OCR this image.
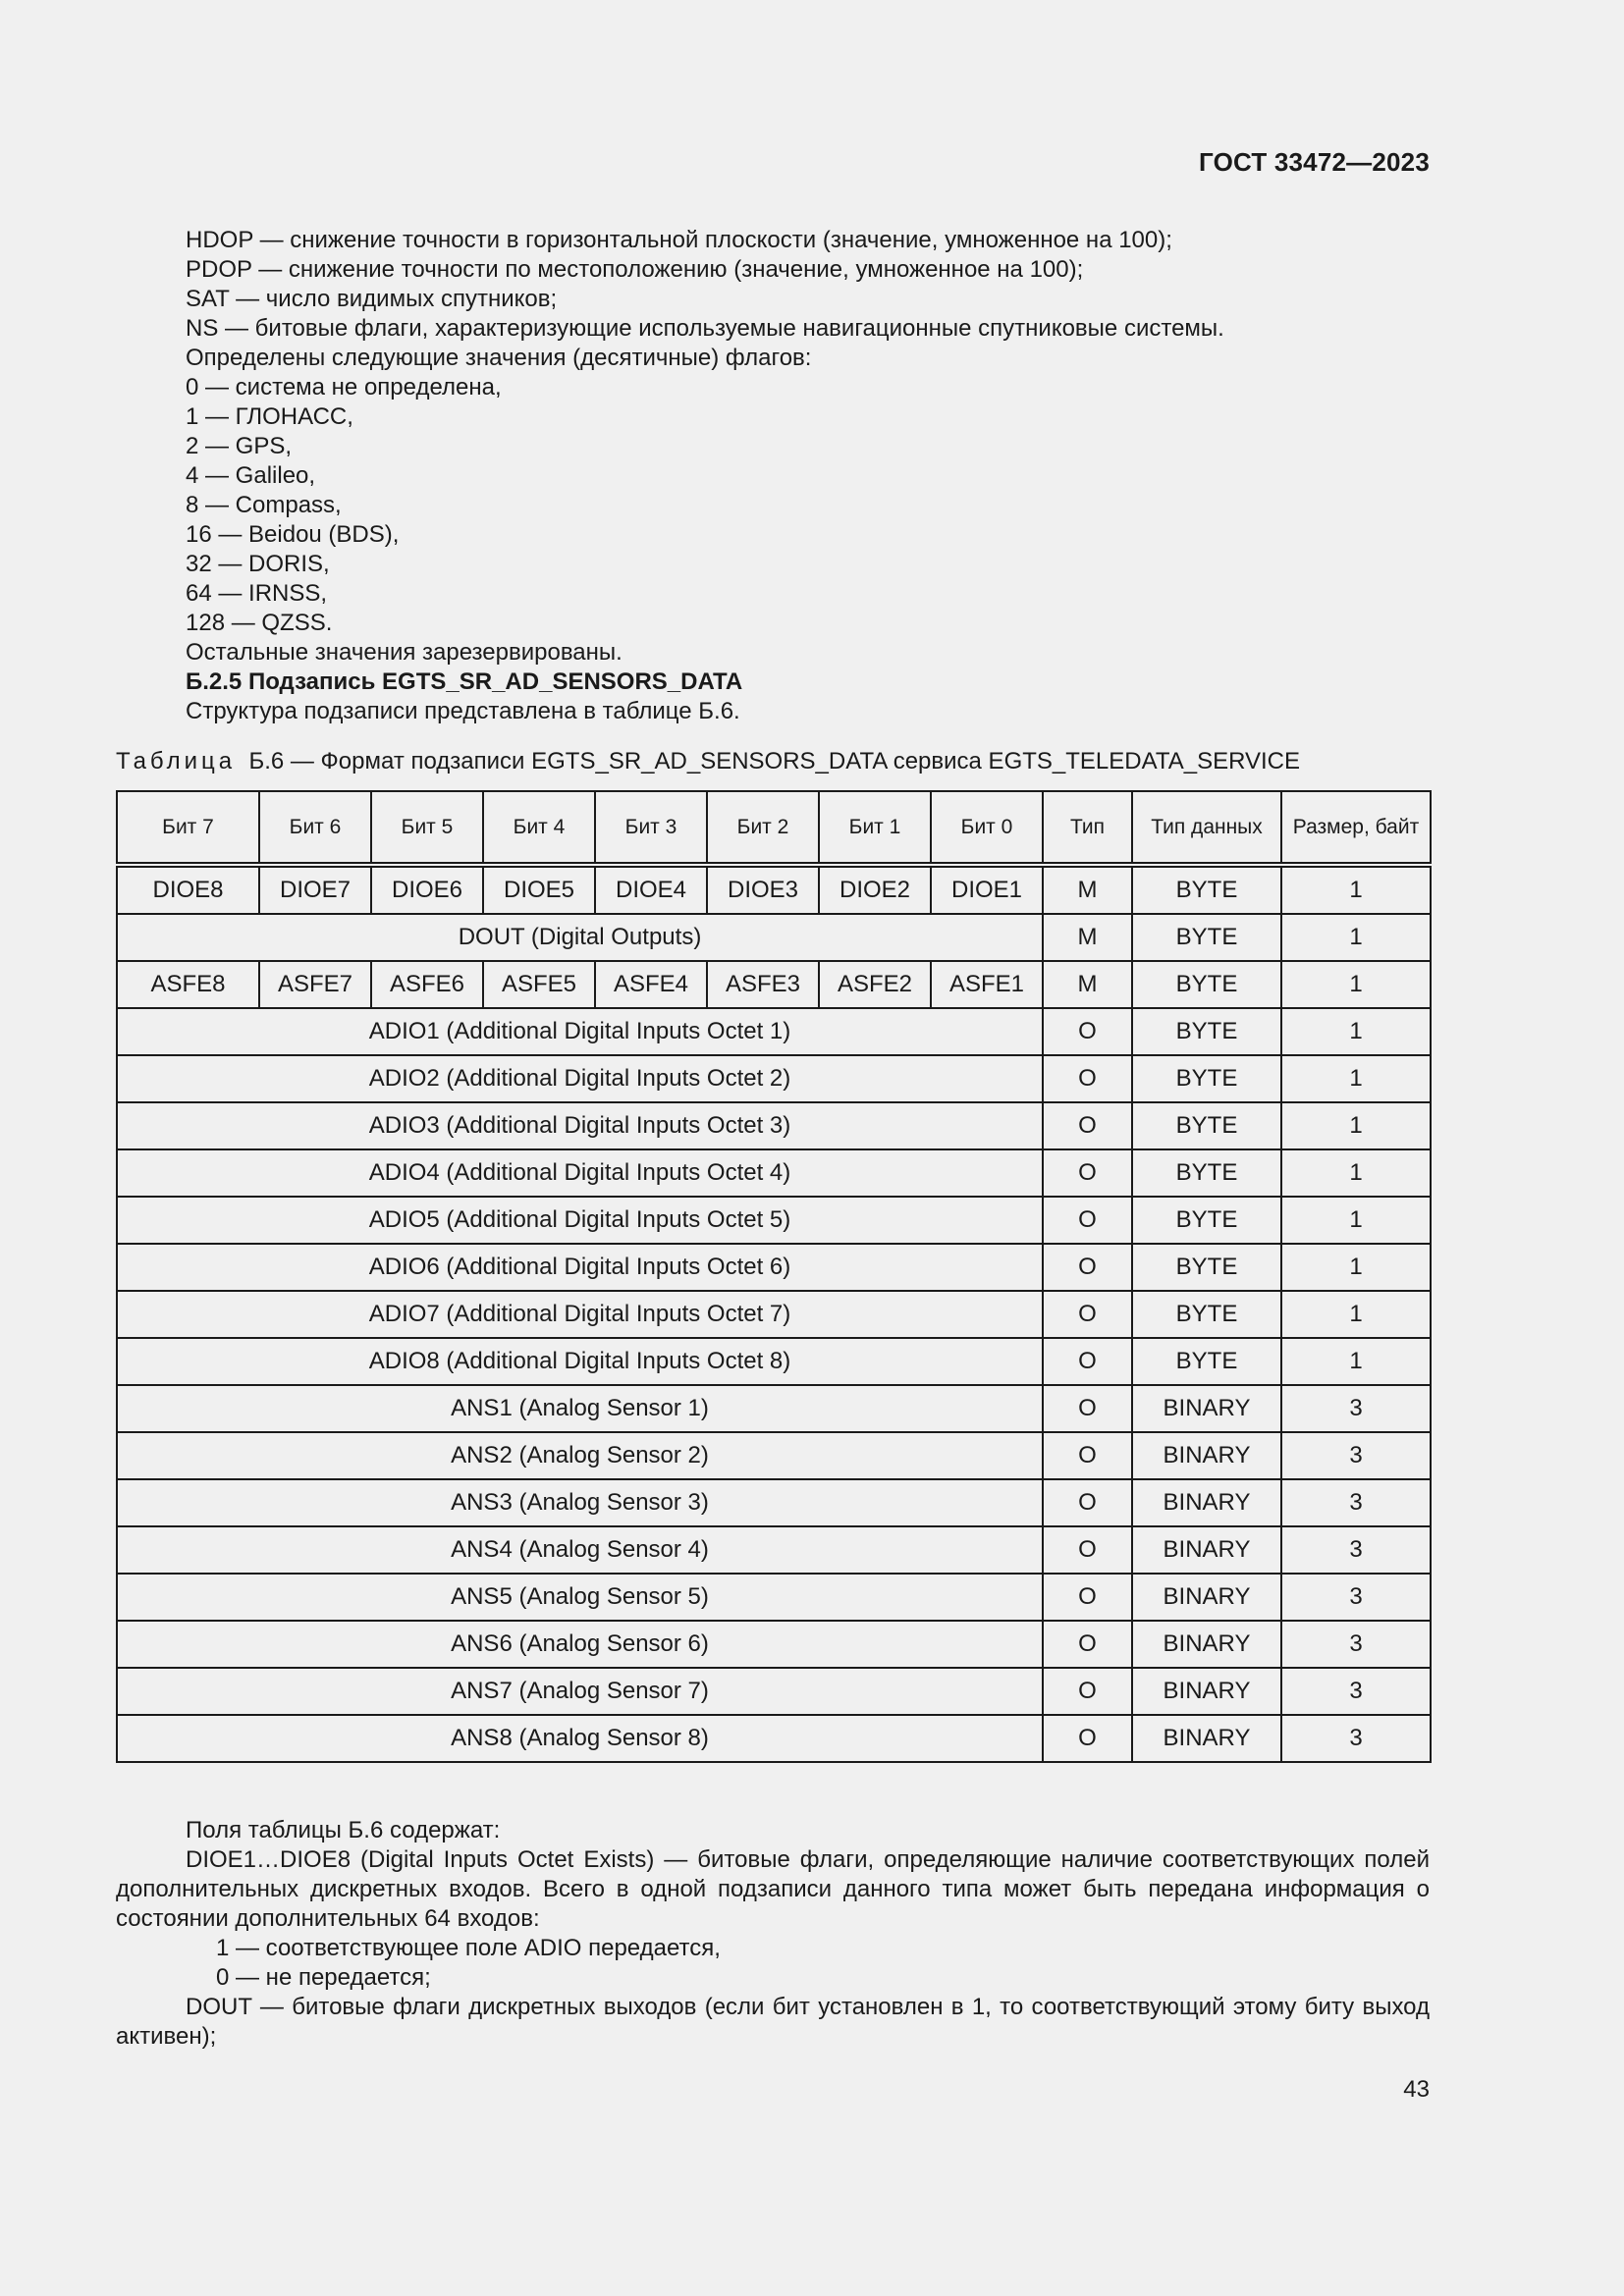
ГОСТ 33472—2023
HDOP — снижение точности в горизонтальной плоскости (значение, умноженное на 100);
PDOP — снижение точности по местоположению (значение, умноженное на 100);
SAT — число видимых спутников;
NS — битовые флаги, характеризующие используемые навигационные спутниковые системы.
Определены следующие значения (десятичные) флагов:
0 — система не определена,
1 — ГЛОНАСС,
2 — GPS,
4 — Galileo,
8 — Compass,
16 — Beidou (BDS),
32 — DORIS,
64 — IRNSS,
128 — QZSS.
Остальные значения зарезервированы.
Б.2.5 Подзапись EGTS_SR_AD_SENSORS_DATA
Структура подзаписи представлена в таблице Б.6.
Таблица Б.6 — Формат подзаписи EGTS_SR_AD_SENSORS_DATA сервиса EGTS_TELEDATA_SERVICE
Бит 7	Бит 6	Бит 5	Бит 4	Бит 3	Бит 2	Бит 1	Бит 0	Тип	Тип данных	Размер, байт
DIOE8	DIOE7	DIOE6	DIOE5	DIOE4	DIOE3	DIOE2	DIOE1	M	BYTE	1
DOUT (Digital Outputs)								M	BYTE	1
ASFE8	ASFE7	ASFE6	ASFE5	ASFE4	ASFE3	ASFE2	ASFE1	M	BYTE	1
ADIO1 (Additional Digital Inputs Octet 1)								O	BYTE	1
ADIO2 (Additional Digital Inputs Octet 2)								O	BYTE	1
ADIO3 (Additional Digital Inputs Octet 3)								O	BYTE	1
ADIO4 (Additional Digital Inputs Octet 4)								O	BYTE	1
ADIO5 (Additional Digital Inputs Octet 5)								O	BYTE	1
ADIO6 (Additional Digital Inputs Octet 6)								O	BYTE	1
ADIO7 (Additional Digital Inputs Octet 7)								O	BYTE	1
ADIO8 (Additional Digital Inputs Octet 8)								O	BYTE	1
ANS1 (Analog Sensor 1)								O	BINARY	3
ANS2 (Analog Sensor 2)								O	BINARY	3
ANS3 (Analog Sensor 3)								O	BINARY	3
ANS4 (Analog Sensor 4)								O	BINARY	3
ANS5 (Analog Sensor 5)								O	BINARY	3
ANS6 (Analog Sensor 6)								O	BINARY	3
ANS7 (Analog Sensor 7)								O	BINARY	3
ANS8 (Analog Sensor 8)								O	BINARY	3

Поля таблицы Б.6 содержат:

DIOE1…DIOE8 (Digital Inputs Octet Exists) — битовые флаги, определяющие наличие соответствующих полей дополнительных дискретных входов. Всего в одной подзаписи данного типа может быть передана информация о состоянии дополнительных 64 входов:

1 — соответствующее поле ADIO передается,

0 — не передается;

DOUT — битовые флаги дискретных выходов (если бит установлен в 1, то соответствующий этому биту выход активен);

43
